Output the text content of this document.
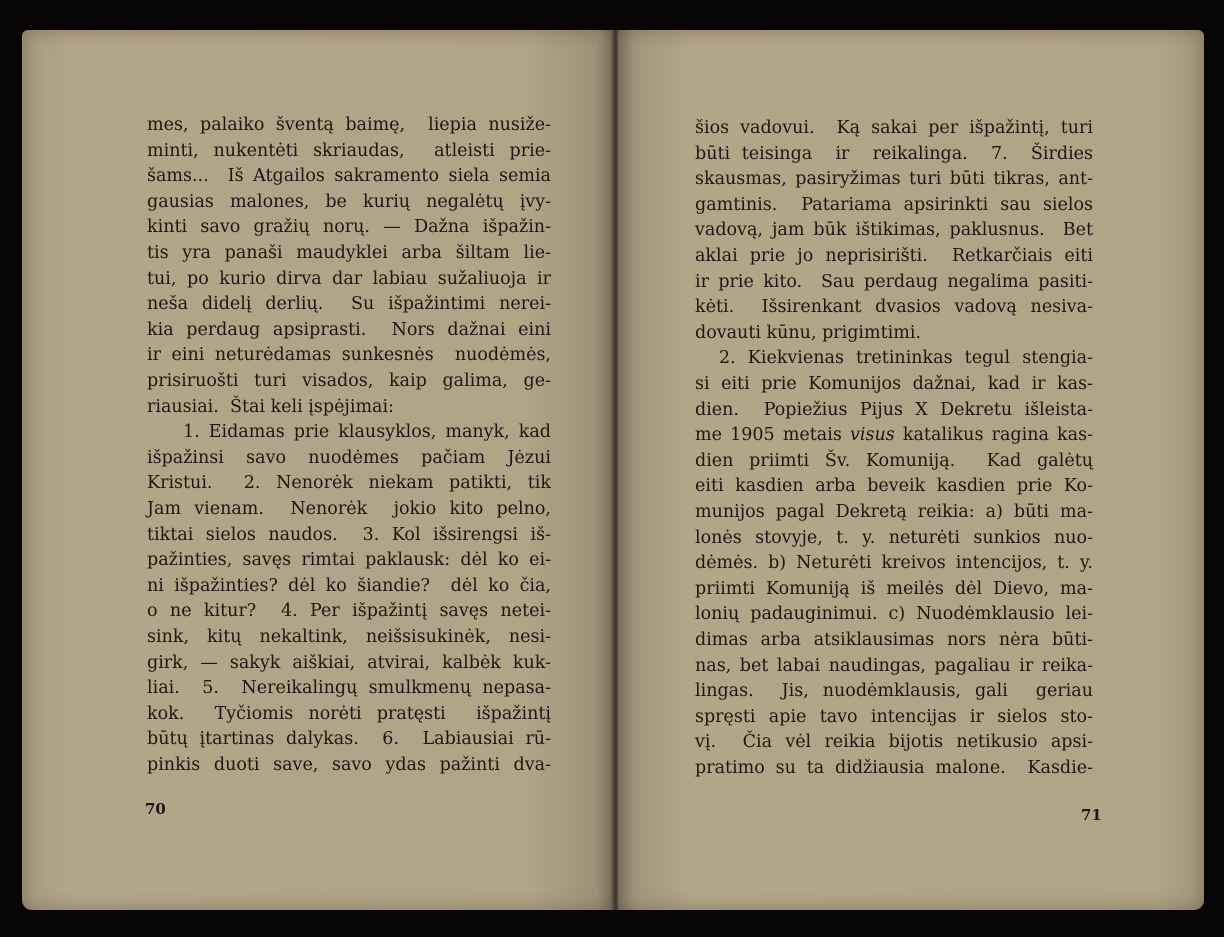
mes, palaiko šventą baimę,  liepia nusiže-
minti, nukentėti skriaudas,  atleisti prie-
šams...  Iš Atgailos sakramento siela semia
gausias malones, be kurių negalėtų įvy-
kinti savo gražių norų. — Dažna išpažin-
tis yra panaši maudyklei arba šiltam lie-
tui, po kurio dirva dar labiau sužaliuoja ir
neša didelį derlių.  Su išpažintimi nerei-
kia perdaug apsiprasti.  Nors dažnai eini
ir eini neturėdamas sunkesnės  nuodėmės,
prisiruošti turi visados, kaip galima, ge-
riausiai.  Štai keli įspėjimai:
1. Eidamas prie klausyklos, manyk, kad
išpažinsi  savo  nuodėmes  pačiam  Jėzui
Kristui.  2. Nenorėk niekam patikti, tik
Jam vienam.  Nenorėk  jokio kito pelno,
tiktai sielos naudos.  3. Kol išsirengsi iš-
pažinties, savęs rimtai paklausk: dėl ko ei-
ni išpažinties? dėl ko šiandie?  dėl ko čia,
o ne kitur?  4. Per išpažintį savęs netei-
sink, kitų nekaltink, neišsisukinėk, nesi-
girk, — sakyk aiškiai, atvirai, kalbėk kuk-
liai.  5.  Nereikalingų smulkmenų nepasa-
kok.  Tyčiomis norėti pratęsti  išpažintį
būtų įtartinas dalykas.  6.  Labiausiai rū-
pinkis duoti save, savo ydas pažinti dva-
70
šios vadovui.  Ką sakai per išpažintį, turi
būti teisinga  ir  reikalinga.  7.  Širdies
skausmas, pasiryžimas turi būti tikras, ant-
gamtinis.  Patariama apsirinkti sau sielos
vadovą, jam būk ištikimas, paklusnus.  Bet
aklai prie jo neprisirišti.  Retkarčiais eiti
ir prie kito.  Sau perdaug negalima pasiti-
kėti.  Išsirenkant dvasios vadovą nesiva-
dovauti kūnu, prigimtimi.
2. Kiekvienas tretininkas tegul stengia-
si eiti prie Komunijos dažnai, kad ir kas-
dien.  Popiežius Pijus X Dekretu išleista-
me 1905 metais visus katalikus ragina kas-
dien priimti Šv. Komuniją.  Kad galėtų
eiti kasdien arba beveik kasdien prie Ko-
munijos pagal Dekretą reikia: a) būti ma-
lonės stovyje, t. y. neturėti sunkios nuo-
dėmės. b) Neturėti kreivos intencijos, t. y.
priimti Komuniją iš meilės dėl Dievo, ma-
lonių padauginimui. c) Nuodėmklausio lei-
dimas arba atsiklausimas nors nėra būti-
nas, bet labai naudingas, pagaliau ir reika-
lingas.  Jis, nuodėmklausis, gali  geriau
spręsti apie tavo intencijas ir sielos sto-
vį.  Čia vėl reikia bijotis netikusio apsi-
pratimo su ta didžiausia malone.  Kasdie-
71
